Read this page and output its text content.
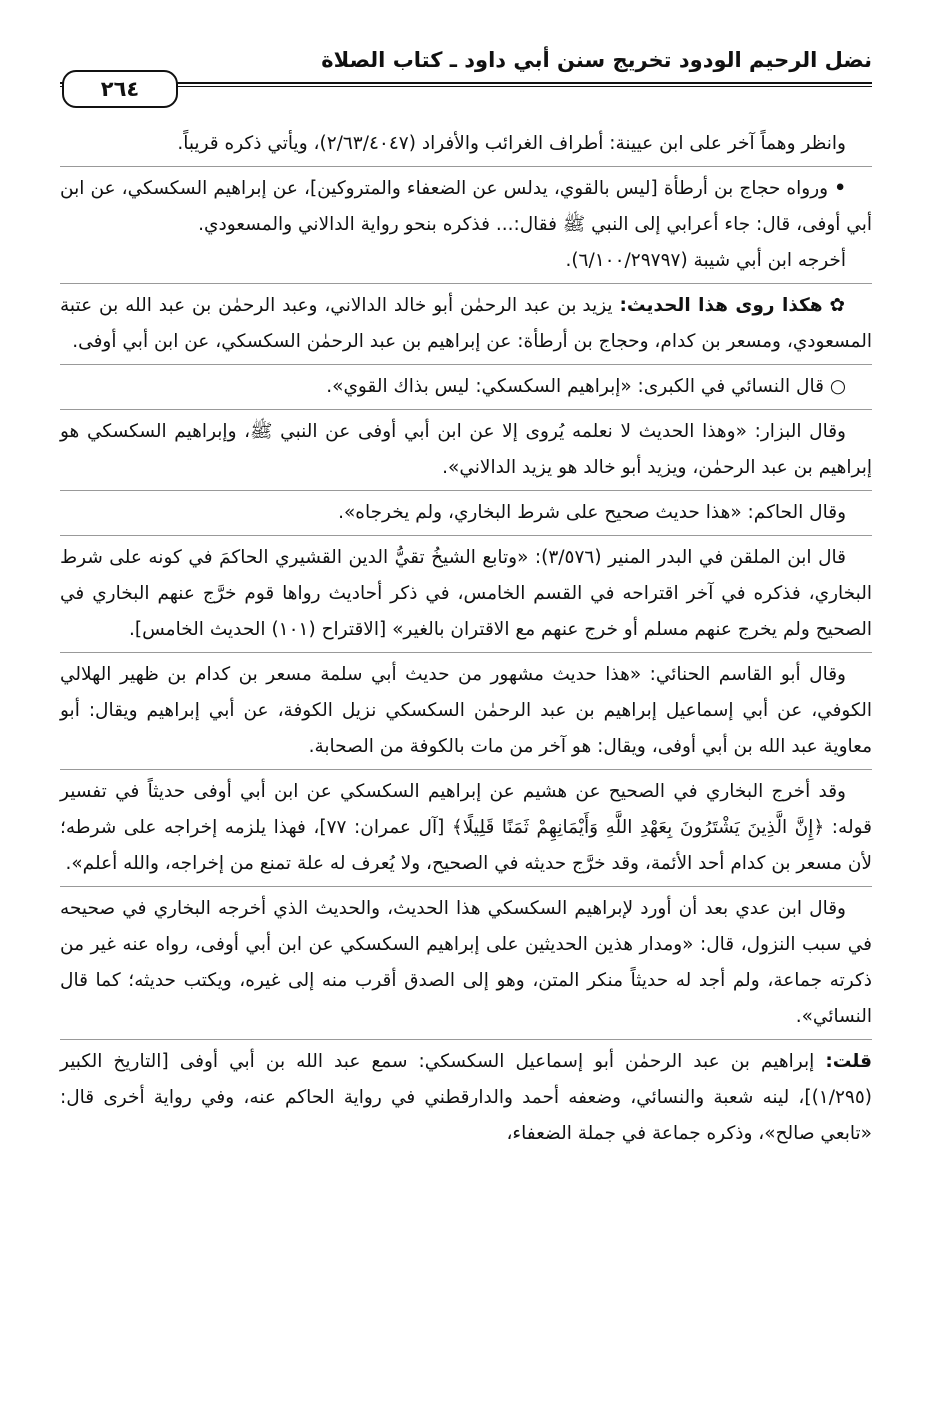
نضل الرحيم الودود تخريج سنن أبي داود ـ كتاب الصلاة
٢٦٤

وانظر وهماً آخر على ابن عيينة: أطراف الغرائب والأفراد (٢/٦٣/٤٠٤٧)، ويأتي ذكره قريباً.

• ورواه حجاج بن أرطأة [ليس بالقوي، يدلس عن الضعفاء والمتروكين]، عن إبراهيم السكسكي، عن ابن أبي أوفى، قال: جاء أعرابي إلى النبي ﷺ فقال:... فذكره بنحو رواية الدالاني والمسعودي.

أخرجه ابن أبي شيبة (٦/١٠٠/٢٩٧٩٧).

✿ هكذا روى هذا الحديث: يزيد بن عبد الرحمٰن أبو خالد الدالاني، وعبد الرحمٰن بن عبد الله بن عتبة المسعودي، ومسعر بن كدام، وحجاج بن أرطأة: عن إبراهيم بن عبد الرحمٰن السكسكي، عن ابن أبي أوفى.

○ قال النسائي في الكبرى: «إبراهيم السكسكي: ليس بذاك القوي».

وقال البزار: «وهذا الحديث لا نعلمه يُروى إلا عن ابن أبي أوفى عن النبي ﷺ، وإبراهيم السكسكي هو إبراهيم بن عبد الرحمٰن، ويزيد أبو خالد هو يزيد الدالاني».

وقال الحاكم: «هذا حديث صحيح على شرط البخاري، ولم يخرجاه».

قال ابن الملقن في البدر المنير (٣/٥٧٦): «وتابع الشيخُ تقيُّ الدين القشيري الحاكمَ في كونه على شرط البخاري، فذكره في آخر اقتراحه في القسم الخامس، في ذكر أحاديث رواها قوم خرَّج عنهم البخاري في الصحيح ولم يخرج عنهم مسلم أو خرج عنهم مع الاقتران بالغير» [الاقتراح (١٠١) الحديث الخامس].

وقال أبو القاسم الحنائي: «هذا حديث مشهور من حديث أبي سلمة مسعر بن كدام بن ظهير الهلالي الكوفي، عن أبي إسماعيل إبراهيم بن عبد الرحمٰن السكسكي نزيل الكوفة، عن أبي إبراهيم ويقال: أبو معاوية عبد الله بن أبي أوفى، ويقال: هو آخر من مات بالكوفة من الصحابة.

وقد أخرج البخاري في الصحيح عن هشيم عن إبراهيم السكسكي عن ابن أبي أوفى حديثاً في تفسير قوله: ﴿إِنَّ الَّذِينَ يَشْتَرُونَ بِعَهْدِ اللَّهِ وَأَيْمَانِهِمْ ثَمَنًا قَلِيلًا﴾ [آل عمران: ٧٧]، فهذا يلزمه إخراجه على شرطه؛ لأن مسعر بن كدام أحد الأئمة، وقد خرَّج حديثه في الصحيح، ولا يُعرف له علة تمنع من إخراجه، والله أعلم».

وقال ابن عدي بعد أن أورد لإبراهيم السكسكي هذا الحديث، والحديث الذي أخرجه البخاري في صحيحه في سبب النزول، قال: «ومدار هذين الحديثين على إبراهيم السكسكي عن ابن أبي أوفى، رواه عنه غير من ذكرته جماعة، ولم أجد له حديثاً منكر المتن، وهو إلى الصدق أقرب منه إلى غيره، ويكتب حديثه؛ كما قال النسائي».

قلت: إبراهيم بن عبد الرحمٰن أبو إسماعيل السكسكي: سمع عبد الله بن أبي أوفى [التاريخ الكبير (١/٢٩٥)]، لينه شعبة والنسائي، وضعفه أحمد والدارقطني في رواية الحاكم عنه، وفي رواية أخرى قال: «تابعي صالح»، وذكره جماعة في جملة الضعفاء،
